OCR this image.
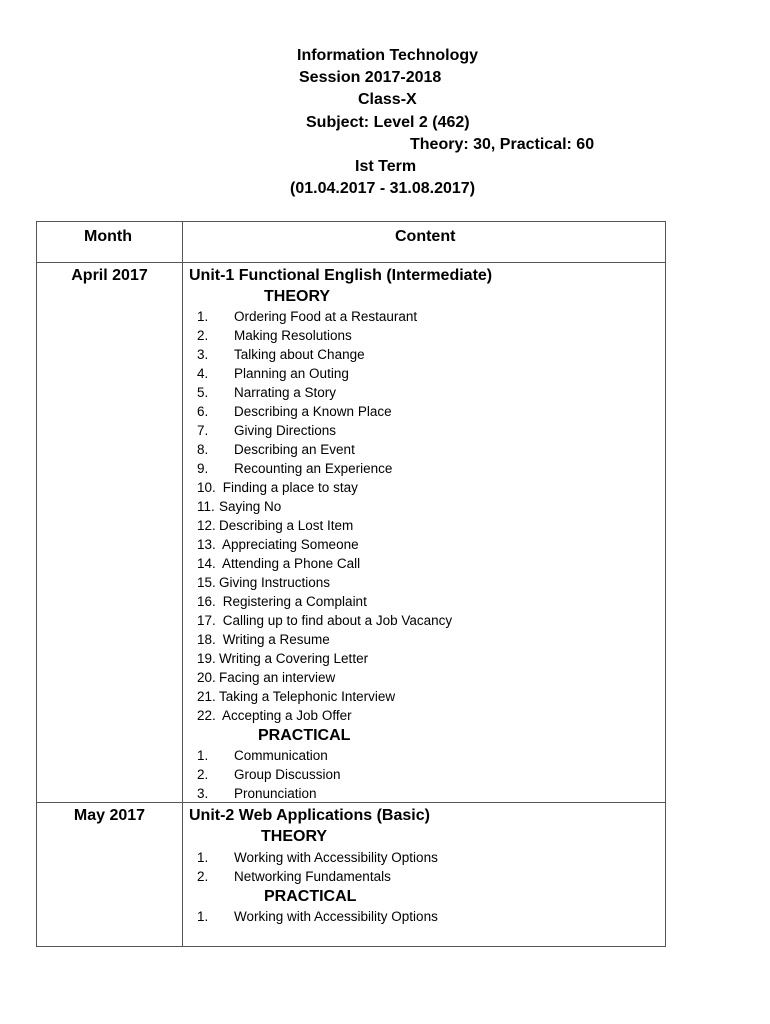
Information Technology
Session 2017-2018
Class-X
Subject: Level 2 (462)
Theory: 30, Practical: 60
Ist Term
(01.04.2017 - 31.08.2017)
Month	Content
April 2017	Unit-1 Functional English (Intermediate)
THEORY
1. Ordering Food at a Restaurant
2. Making Resolutions
3. Talking about Change
4. Planning an Outing
5. Narrating a Story
6. Describing a Known Place
7. Giving Directions
8. Describing an Event
9. Recounting an Experience
10. Finding a place to stay
11. Saying No
12. Describing a Lost Item
13. Appreciating Someone
14. Attending a Phone Call
15. Giving Instructions
16. Registering a Complaint
17. Calling up to find about a Job Vacancy
18. Writing a Resume
19. Writing a Covering Letter
20. Facing an interview
21. Taking a Telephonic Interview
22. Accepting a Job Offer
PRACTICAL
1. Communication
2. Group Discussion
3. Pronunciation
May 2017	Unit-2 Web Applications (Basic)
THEORY
1. Working with Accessibility Options
2. Networking Fundamentals
PRACTICAL
1. Working with Accessibility Options
